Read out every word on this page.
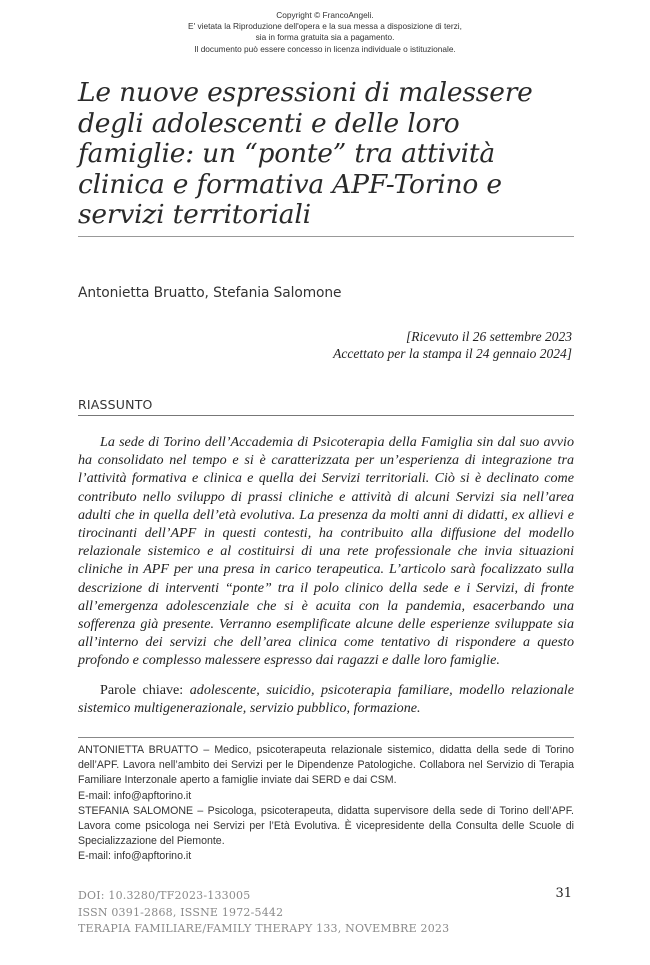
Copyright © FrancoAngeli.
E' vietata la Riproduzione dell'opera e la sua messa a disposizione di terzi,
sia in forma gratuita sia a pagamento.
Il documento può essere concesso in licenza individuale o istituzionale.
Le nuove espressioni di malessere degli adolescenti e delle loro famiglie: un “ponte” tra attività clinica e formativa APF-Torino e servizi territoriali
Antonietta Bruatto, Stefania Salomone
[Ricevuto il 26 settembre 2023
Accettato per la stampa il 24 gennaio 2024]
RIASSUNTO

La sede di Torino dell’Accademia di Psicoterapia della Famiglia sin dal suo avvio ha consolidato nel tempo e si è caratterizzata per un’esperienza di integrazione tra l’attività formativa e clinica e quella dei Servizi territoriali. Ciò si è declinato come contributo nello sviluppo di prassi cliniche e attività di alcuni Servizi sia nell’area adulti che in quella dell’età evolutiva. La presenza da molti anni di didatti, ex allievi e tirocinanti dell’APF in questi contesti, ha contribuito alla diffusione del modello relazionale sistemico e al costituirsi di una rete professionale che invia situazioni cliniche in APF per una presa in carico terapeutica. L’articolo sarà focalizzato sulla descrizione di interventi “ponte” tra il polo clinico della sede e i Servizi, di fronte all’emergenza adolescenziale che si è acuita con la pandemia, esacerbando una sofferenza già presente. Verranno esemplificate alcune delle esperienze sviluppate sia all’interno dei servizi che dell’area clinica come tentativo di rispondere a questo profondo e complesso malessere espresso dai ragazzi e dalle loro famiglie.

Parole chiave: adolescente, suicidio, psicoterapia familiare, modello relazionale sistemico multigenerazionale, servizio pubblico, formazione.

ANTONIETTA BRUATTO – Medico, psicoterapeuta relazionale sistemico, didatta della sede di Torino dell’APF. Lavora nell’ambito dei Servizi per le Dipendenze Patologiche. Collabora nel Servizio di Terapia Familiare Interzonale aperto a famiglie inviate dai SERD e dai CSM.

E-mail: info@apftorino.it

STEFANIA SALOMONE – Psicologa, psicoterapeuta, didatta supervisore della sede di Torino dell’APF. Lavora come psicologa nei Servizi per l’Età Evolutiva. È vicepresidente della Consulta delle Scuole di Specializzazione del Piemonte.

E-mail: info@apftorino.it

DOI: 10.3280/TF2023-133005
ISSN 0391-2868, ISSNE 1972-5442
TERAPIA FAMILIARE/FAMILY THERAPY 133, NOVEMBRE 2023
31
